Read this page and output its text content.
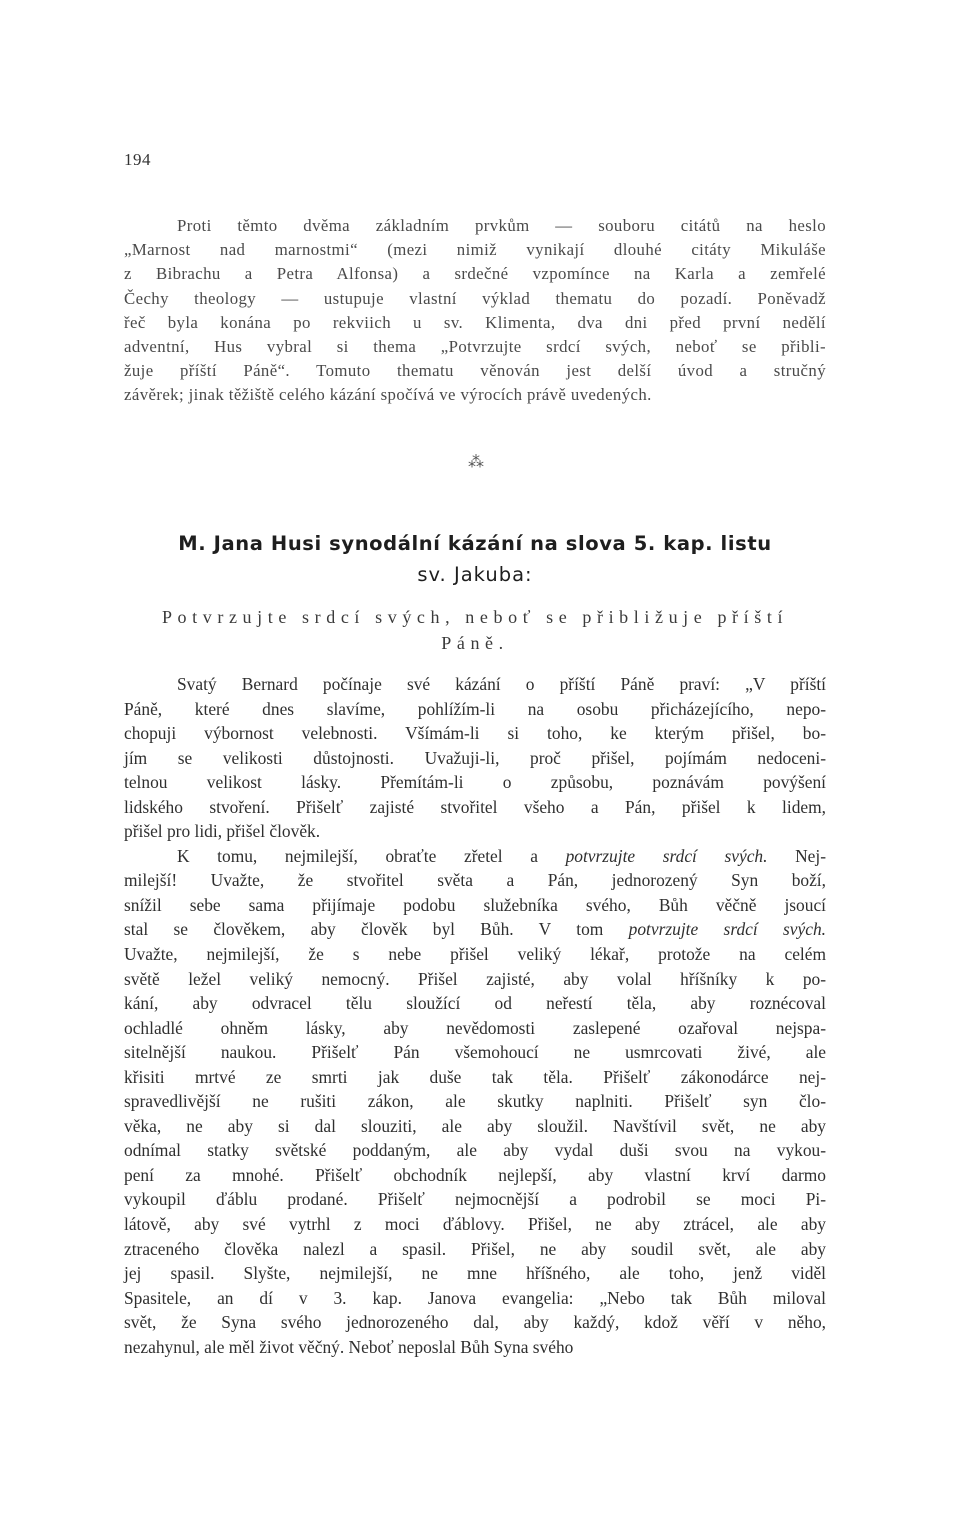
194
Proti těmto dvěma základním prvkům — souboru citátů na heslo
„Marnost nad marnostmi“ (mezi nimiž vynikají dlouhé citáty Mikuláše
z Bibrachu a Petra Alfonsa) a srdečné vzpomínce na Karla a zemřelé
Čechy theology — ustupuje vlastní výklad thematu do pozadí. Poněvadž
řeč byla konána po rekviich u sv. Klimenta, dva dni před první nedělí
adventní, Hus vybral si thema „Potvrzujte srdcí svých, neboť se přibli-
žuje příští Páně“. Tomuto thematu věnován jest delší úvod a stručný
závěrek; jinak těžiště celého kázání spočívá ve výrocích právě uvedených.
⁂
M. Jana Husi synodální kázání na slova 5. kap. listu
sv. Jakuba:
Potvrzujte srdcí svých, neboť se přibližuje příští
Páně.
Svatý Bernard počínaje své kázání o příští Páně praví: „V příští
Páně, které dnes slavíme, pohlížím-li na osobu přicházejícího, nepo-
chopuji výbornost velebnosti. Všímám-li si toho, ke kterým přišel, bo-
jím se velikosti důstojnosti. Uvažuji-li, proč přišel, pojímám nedoceni-
telnou velikost lásky. Přemítám-li o způsobu, poznávám povýšení
lidského stvoření. Přišelť zajisté stvořitel všeho a Pán, přišel k lidem,
přišel pro lidi, přišel člověk.
K tomu, nejmilejší, obraťte zřetel a potvrzujte srdcí svých. Nej-
milejší! Uvažte, že stvořitel světa a Pán, jednorozený Syn boží,
snížil sebe sama přijímaje podobu služebníka svého, Bůh věčně jsoucí
stal se člověkem, aby člověk byl Bůh. V tom potvrzujte srdcí svých.
Uvažte, nejmilejší, že s nebe přišel veliký lékař, protože na celém
světě ležel veliký nemocný. Přišel zajisté, aby volal hříšníky k po-
kání, aby odvracel tělu sloužící od neřestí těla, aby roznécoval
ochladlé ohněm lásky, aby nevědomosti zaslepené ozařoval nejspa-
sitelnější naukou. Přišelť Pán všemohoucí ne usmrcovati živé, ale
křisiti mrtvé ze smrti jak duše tak těla. Přišelť zákonodárce nej-
spravedlivější ne rušiti zákon, ale skutky naplniti. Přišelť syn člo-
věka, ne aby si dal slouziti, ale aby sloužil. Navštívil svět, ne aby
odnímal statky světské poddaným, ale aby vydal duši svou na vykou-
pení za mnohé. Přišelť obchodník nejlepší, aby vlastní krví darmo
vykoupil ďáblu prodané. Přišelť nejmocnější a podrobil se moci Pi-
látově, aby své vytrhl z moci ďáblovy. Přišel, ne aby ztrácel, ale aby
ztraceného člověka nalezl a spasil. Přišel, ne aby soudil svět, ale aby
jej spasil. Slyšte, nejmilejší, ne mne hříšného, ale toho, jenž viděl
Spasitele, an dí v 3. kap. Janova evangelia: „Nebo tak Bůh miloval
svět, že Syna svého jednorozeného dal, aby každý, kdož věří v něho,
nezahynul, ale měl život věčný. Neboť neposlal Bůh Syna svého
